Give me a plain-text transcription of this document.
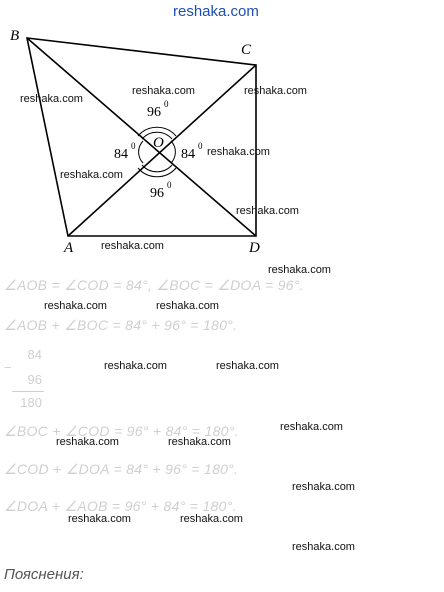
reshaka.com
B
C
O
A	D
96
0
84
0
84
0
96
0
reshaka.com
reshaka.com	reshaka.com
reshaka.com
reshaka.com
reshaka.com
reshaka.com
∠AOB = ∠COD = 84°, ∠BOC = ∠DOA = 96°.
∠AOB + ∠BOC = 84° + 96° = 180°.
−
84
96
180
∠BOC + ∠COD = 96° + 84° = 180°.
∠COD + ∠DOA = 84° + 96° = 180°.
∠DOA + ∠AOB = 96° + 84° = 180°.
reshaka.com
reshaka.com	reshaka.com
reshaka.com	reshaka.com
reshaka.com
reshaka.com	reshaka.com
reshaka.com
reshaka.com	reshaka.com
reshaka.com
Пояснения:
